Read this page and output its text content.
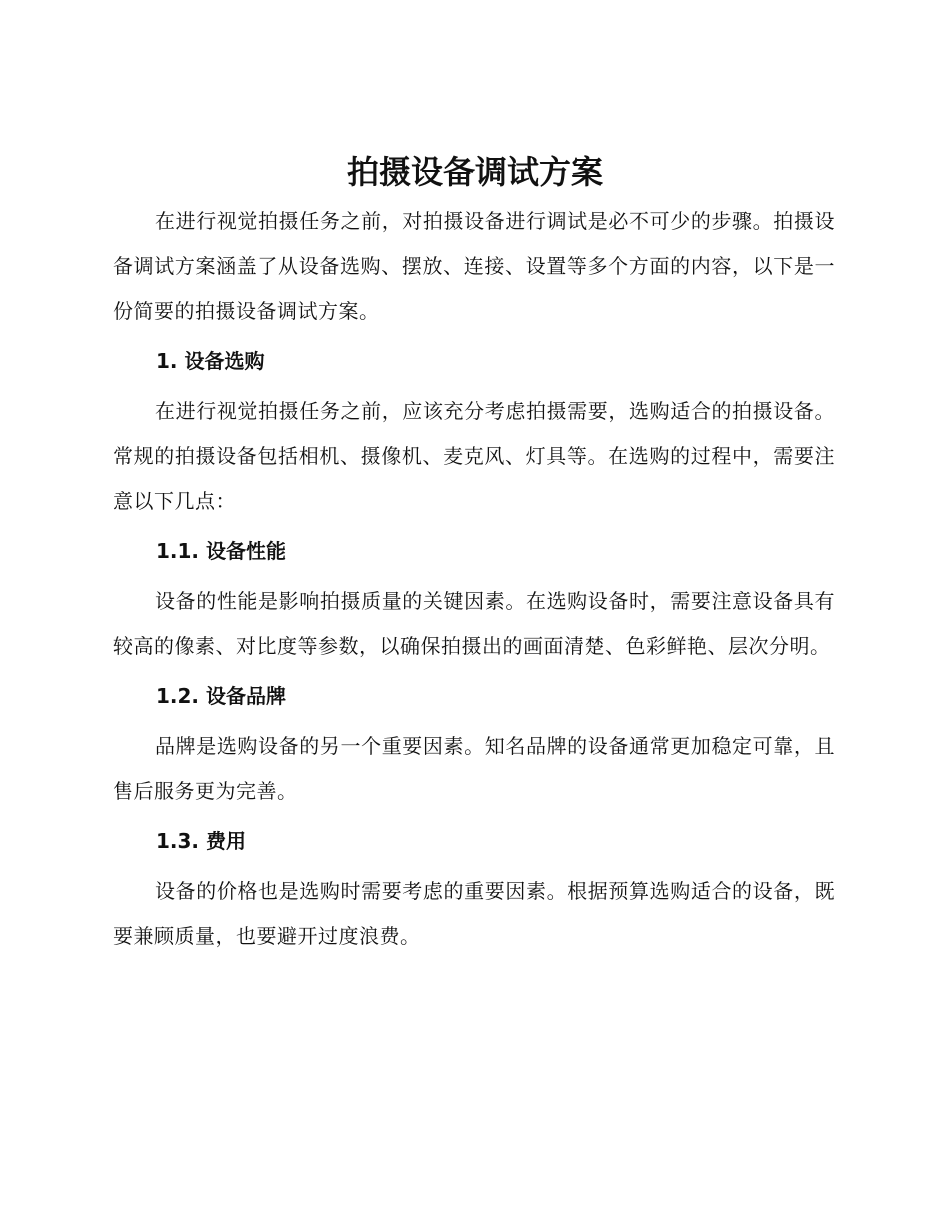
拍摄设备调试方案

在进行视觉拍摄任务之前，对拍摄设备进行调试是必不可少的步骤。拍摄设备调试方案涵盖了从设备选购、摆放、连接、设置等多个方面的内容，以下是一份简要的拍摄设备调试方案。

1. 设备选购

在进行视觉拍摄任务之前，应该充分考虑拍摄需要，选购适合的拍摄设备。常规的拍摄设备包括相机、摄像机、麦克风、灯具等。在选购的过程中，需要注意以下几点：

1.1. 设备性能

设备的性能是影响拍摄质量的关键因素。在选购设备时，需要注意设备具有较高的像素、对比度等参数，以确保拍摄出的画面清楚、色彩鲜艳、层次分明。

1.2. 设备品牌

品牌是选购设备的另一个重要因素。知名品牌的设备通常更加稳定可靠，且售后服务更为完善。

1.3. 费用

设备的价格也是选购时需要考虑的重要因素。根据预算选购适合的设备，既要兼顾质量，也要避开过度浪费。
